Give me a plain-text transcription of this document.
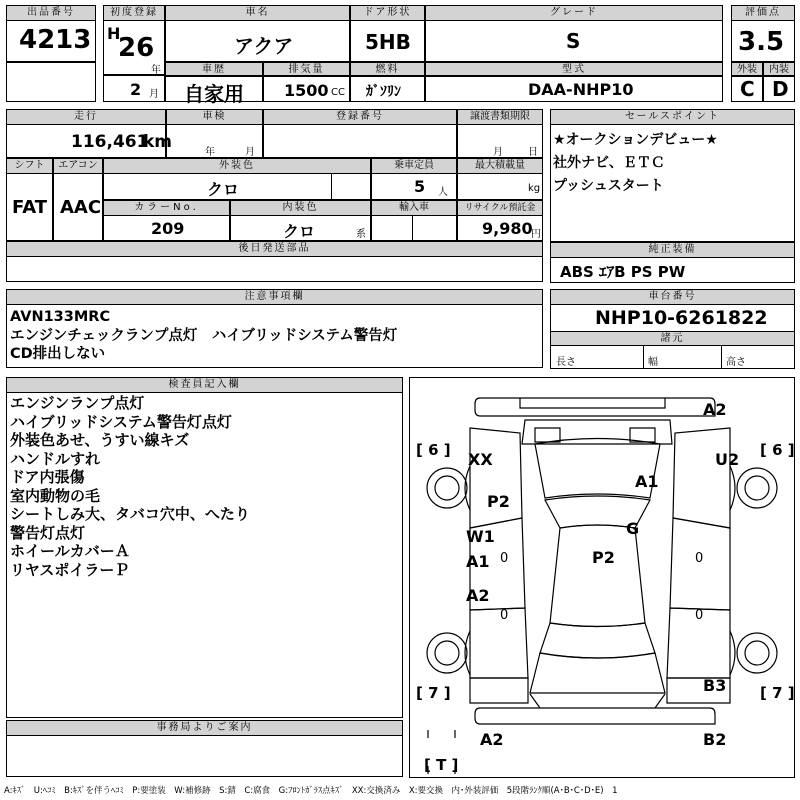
出品番号
4213
初度登録
H
26
年
2 月
車名
アクア
ドア形状
5HB
グレード
S
評価点
3.5
車歴
自家用
排気量
1500 CC
燃料
ｶﾞｿﾘﾝ
型式
DAA-NHP10
外装	内装
C D
走行
116,461
km
車検
年	月
登録番号	譲渡書類期限
月	日
セールスポイント
★オークションデビュー★
社外ナビ、ＥＴＣ
プッシュスタート
シフト
FAT
エアコン
AAC
外装色
クロ
乗車定員
5 人
最大積載量
kg
カラーNo.
209
内装色
クロ	系
輸入車	リサイクル預託金
9,980
円
後日発送部品	純正装備
ABS ｴｱB PS PW
注意事項欄
AVN133MRC
エンジンチェックランプ点灯　ハイブリッドシステム警告灯
CD排出しない
車台番号
NHP10-6261822
諸元
長さ	幅	高さ
検査員記入欄
エンジンランプ点灯
ハイブリッドシステム警告灯点灯
外装色あせ、うすい線キズ
ハンドルすれ
ドア内張傷
室内動物の毛
シートしみ大、タバコ穴中、へたり
警告灯点灯
ホイールカバーＡ
リヤスポイラーＰ
事務局よりご案内
[ 6 ]	[ 6 ]
[ 7 ]	[ 7 ]
[ T ]
A2
XX	U2
A1
P2
G
W1
A1
A2
P2
0
0
0
0
B3
A2	B2
A:ｷｽﾞ　U:ﾍｺﾐ　B:ｷｽﾞを伴うﾍｺﾐ　P:要塗装　W:補修跡　S:錆　C:腐食　G:ﾌﾛﾝﾄｶﾞﾗｽ点ｷｽﾞ　XX:交換済み　X:要交換　内･外装評価　5段階ﾗﾝｸ順(A･B･C･D･E)　1
